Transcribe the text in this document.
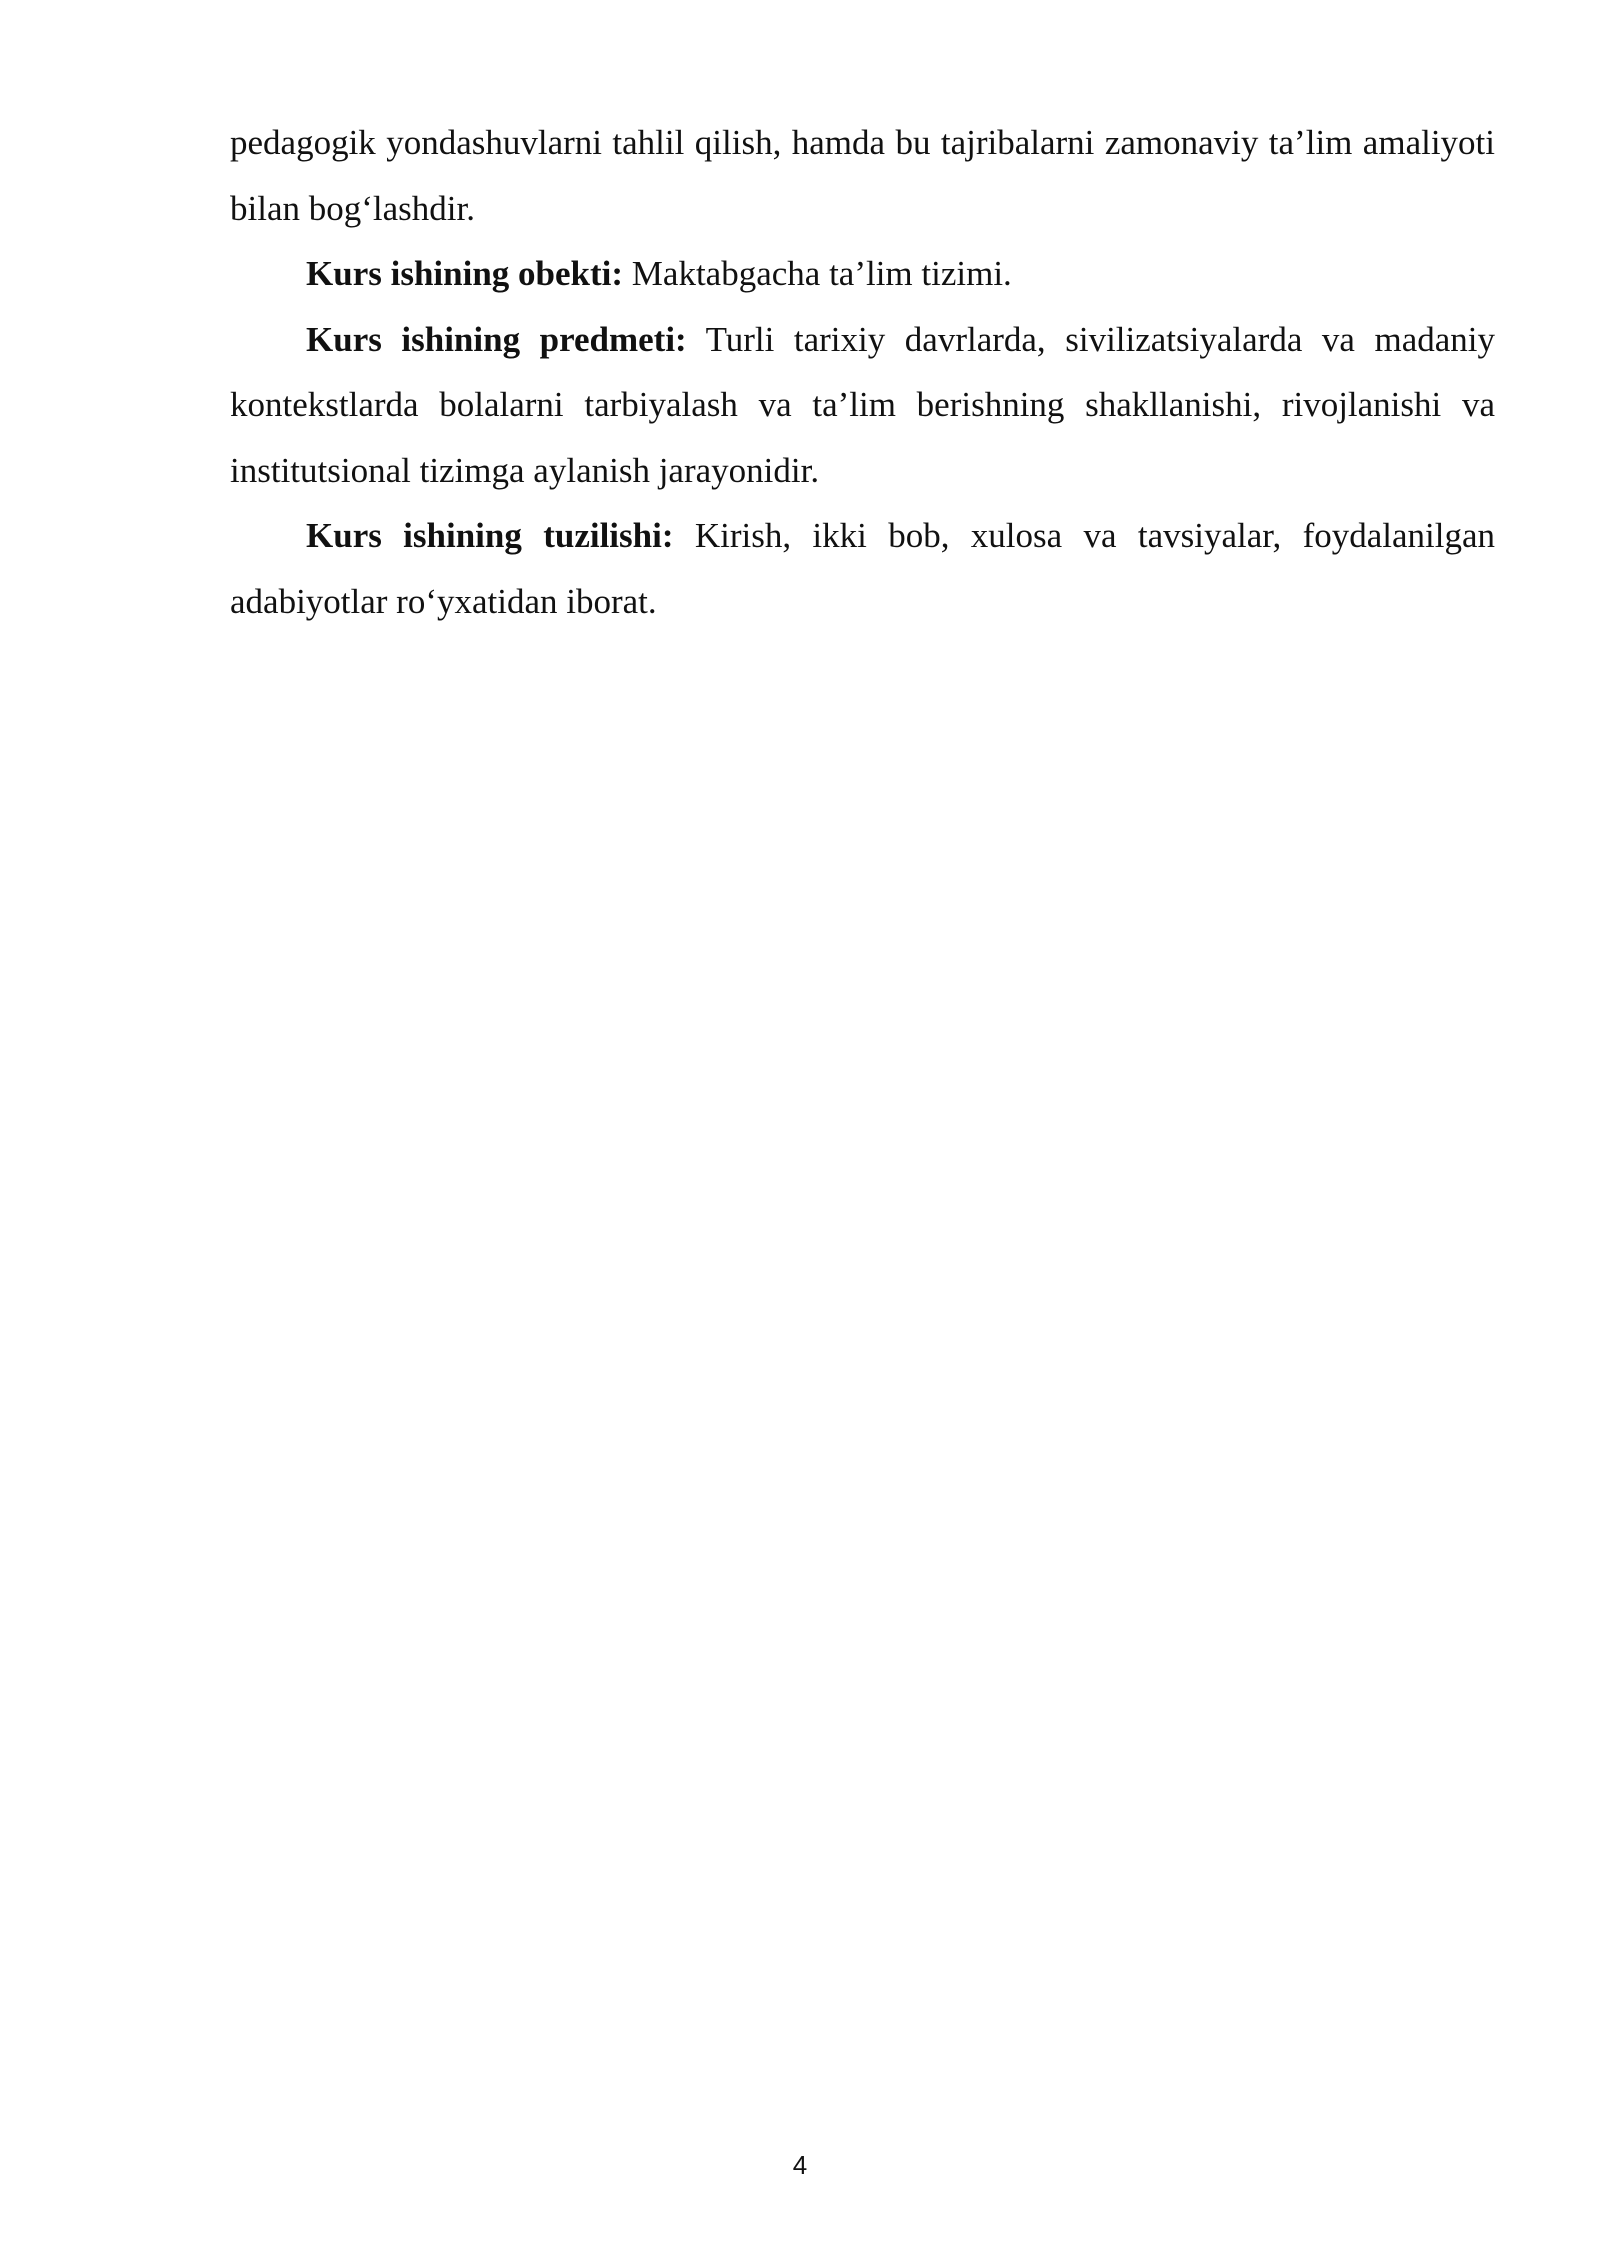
pedagogik yondashuvlarni tahlil qilish, hamda bu tajribalarni zamonaviy ta’lim amaliyoti bilan bog‘lashdir.

Kurs ishining obekti: Maktabgacha ta’lim tizimi.

Kurs ishining predmeti: Turli tarixiy davrlarda, sivilizatsiyalarda va madaniy kontekstlarda bolalarni tarbiyalash va ta’lim berishning shakllanishi, rivojlanishi va institutsional tizimga aylanish jarayonidir.

Kurs ishining tuzilishi: Kirish, ikki bob, xulosa va tavsiyalar, foydalanilgan adabiyotlar ro‘yxatidan iborat.

4
